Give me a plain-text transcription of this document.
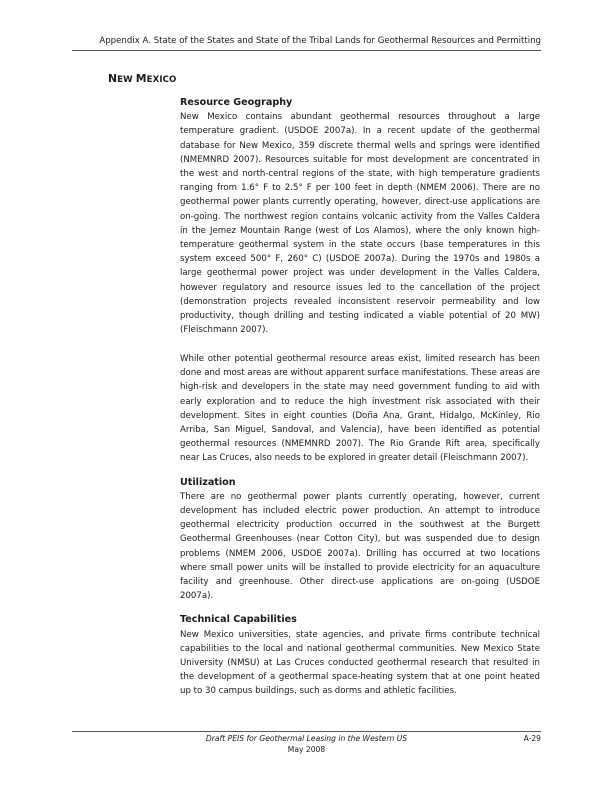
Appendix A. State of the States and State of the Tribal Lands for Geothermal Resources and Permitting
NEW MEXICO
Resource Geography

New Mexico contains abundant geothermal resources throughout a large temperature gradient. (USDOE 2007a). In a recent update of the geothermal database for New Mexico, 359 discrete thermal wells and springs were identified (NMEMNRD 2007). Resources suitable for most development are concentrated in the west and north-central regions of the state, with high temperature gradients ranging from 1.6° F to 2.5° F per 100 feet in depth (NMEM 2006). There are no geothermal power plants currently operating, however, direct-use applications are on-going. The northwest region contains volcanic activity from the Valles Caldera in the Jemez Mountain Range (west of Los Alamos), where the only known high-temperature geothermal system in the state occurs (base temperatures in this system exceed 500° F, 260° C) (USDOE 2007a). During the 1970s and 1980s a large geothermal power project was under development in the Valles Caldera, however regulatory and resource issues led to the cancellation of the project (demonstration projects revealed inconsistent reservoir permeability and low productivity, though drilling and testing indicated a viable potential of 20 MW) (Fleischmann 2007).

While other potential geothermal resource areas exist, limited research has been done and most areas are without apparent surface manifestations. These areas are high-risk and developers in the state may need government funding to aid with early exploration and to reduce the high investment risk associated with their development. Sites in eight counties (Doña Ana, Grant, Hidalgo, McKinley, Rio Arriba, San Miguel, Sandoval, and Valencia), have been identified as potential geothermal resources (NMEMNRD 2007). The Rio Grande Rift area, specifically near Las Cruces, also needs to be explored in greater detail (Fleischmann 2007).

Utilization

There are no geothermal power plants currently operating, however, current development has included electric power production. An attempt to introduce geothermal electricity production occurred in the southwest at the Burgett Geothermal Greenhouses (near Cotton City), but was suspended due to design problems (NMEM 2006, USDOE 2007a). Drilling has occurred at two locations where small power units will be installed to provide electricity for an aquaculture facility and greenhouse. Other direct-use applications are on-going (USDOE 2007a).

Technical Capabilities

New Mexico universities, state agencies, and private firms contribute technical capabilities to the local and national geothermal communities. New Mexico State University (NMSU) at Las Cruces conducted geothermal research that resulted in the development of a geothermal space-heating system that at one point heated up to 30 campus buildings, such as dorms and athletic facilities.

Draft PEIS for Geothermal Leasing in the Western US	A-29
May 2008
